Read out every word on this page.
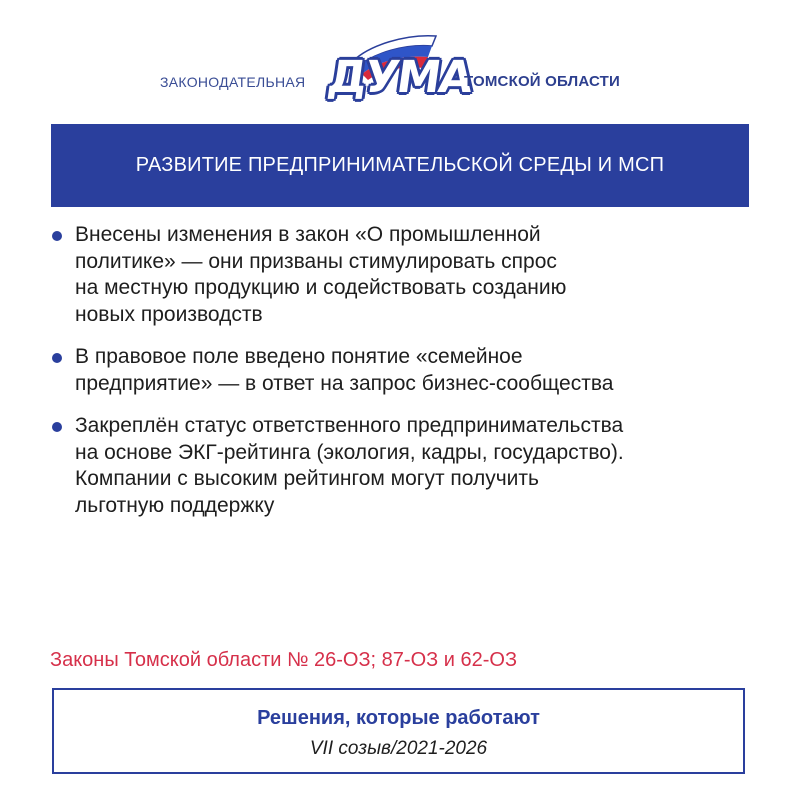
ЗАКОНОДАТЕЛЬНАЯ ДУМА
ТОМСКОЙ ОБЛАСТИ
РАЗВИТИЕ ПРЕДПРИНИМАТЕЛЬСКОЙ СРЕДЫ И МСП
Внесены изменения в закон «О промышленной
политике» — они призваны стимулировать спрос
на местную продукцию и содействовать созданию
новых производств
В правовое поле введено понятие «семейное
предприятие» — в ответ на запрос бизнес-сообщества
Закреплён статус ответственного предпринимательства
на основе ЭКГ-рейтинга (экология, кадры, государство).
Компании с высоким рейтингом могут получить
льготную поддержку
Законы Томской области № 26-ОЗ; 87-ОЗ и 62-ОЗ
Решения, которые работают
VII созыв/2021-2026
